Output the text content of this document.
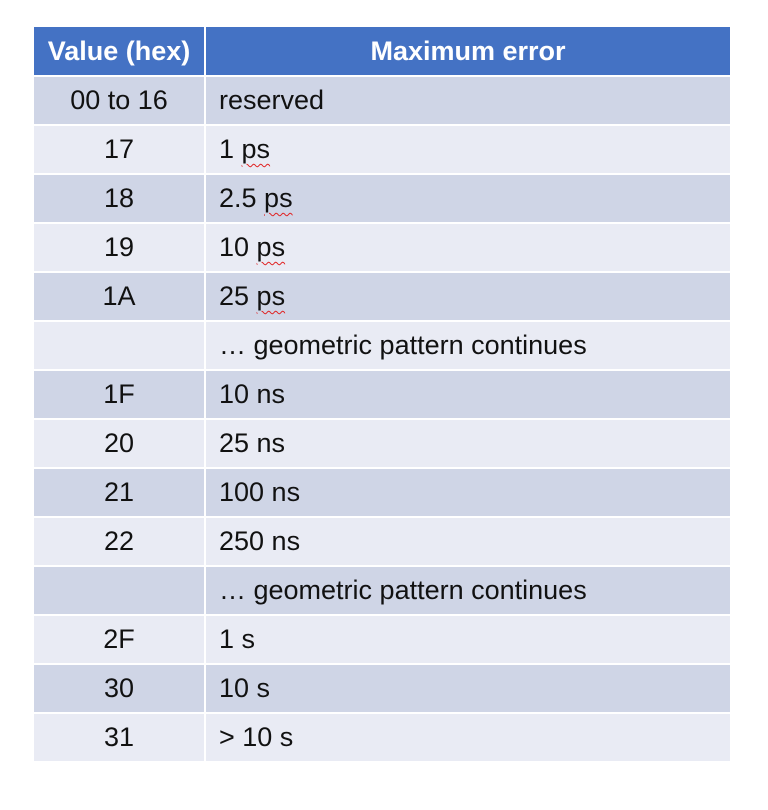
Value (hex)	Maximum error
00 to 16	reserved
17	1 ps
18	2.5 ps
19	10 ps
1A	25 ps
	… geometric pattern continues
1F	10 ns
20	25 ns
21	100 ns
22	250 ns
	… geometric pattern continues
2F	1 s
30	10 s
31	> 10 s
